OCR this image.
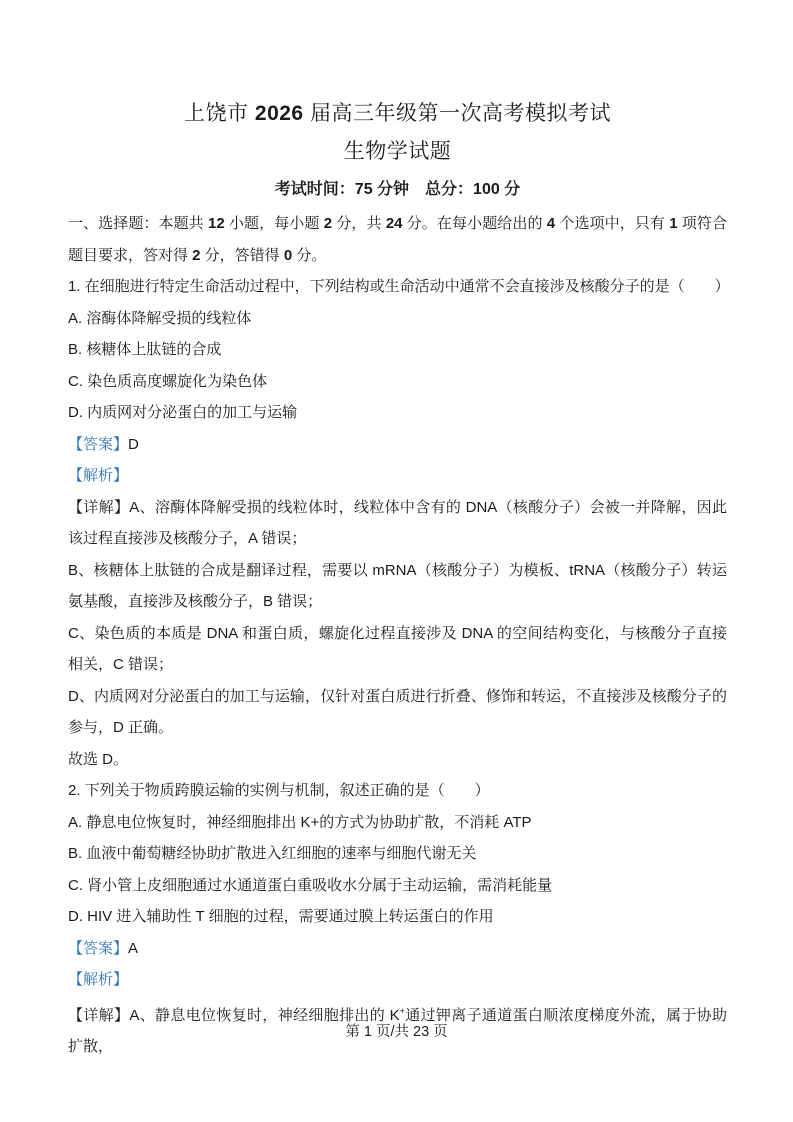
上饶市 2026 届高三年级第一次高考模拟考试
生物学试题
考试时间：75 分钟　总分：100 分
一、选择题：本题共 12 小题，每小题 2 分，共 24 分。在每小题给出的 4 个选项中，只有 1 项符合题目要求，答对得 2 分，答错得 0 分。
1. 在细胞进行特定生命活动过程中，下列结构或生命活动中通常不会直接涉及核酸分子的是（　　）
A. 溶酶体降解受损的线粒体
B. 核糖体上肽链的合成
C. 染色质高度螺旋化为染色体
D. 内质网对分泌蛋白的加工与运输
【答案】D
【解析】
【详解】A、溶酶体降解受损的线粒体时，线粒体中含有的 DNA（核酸分子）会被一并降解，因此该过程直接涉及核酸分子，A 错误；
B、核糖体上肽链的合成是翻译过程，需要以 mRNA（核酸分子）为模板、tRNA（核酸分子）转运氨基酸，直接涉及核酸分子，B 错误；
C、染色质的本质是 DNA 和蛋白质，螺旋化过程直接涉及 DNA 的空间结构变化，与核酸分子直接相关，C 错误；
D、内质网对分泌蛋白的加工与运输，仅针对蛋白质进行折叠、修饰和转运，不直接涉及核酸分子的参与，D 正确。
故选 D。
2. 下列关于物质跨膜运输的实例与机制，叙述正确的是（　　）
A. 静息电位恢复时，神经细胞排出 K+的方式为协助扩散，不消耗 ATP
B. 血液中葡萄糖经协助扩散进入红细胞的速率与细胞代谢无关
C. 肾小管上皮细胞通过水通道蛋白重吸收水分属于主动运输，需消耗能量
D. HIV 进入辅助性 T 细胞的过程，需要通过膜上转运蛋白的作用
【答案】A
【解析】
【详解】A、静息电位恢复时，神经细胞排出的 K+通过钾离子通道蛋白顺浓度梯度外流，属于协助扩散，
第 1 页/共 23 页
